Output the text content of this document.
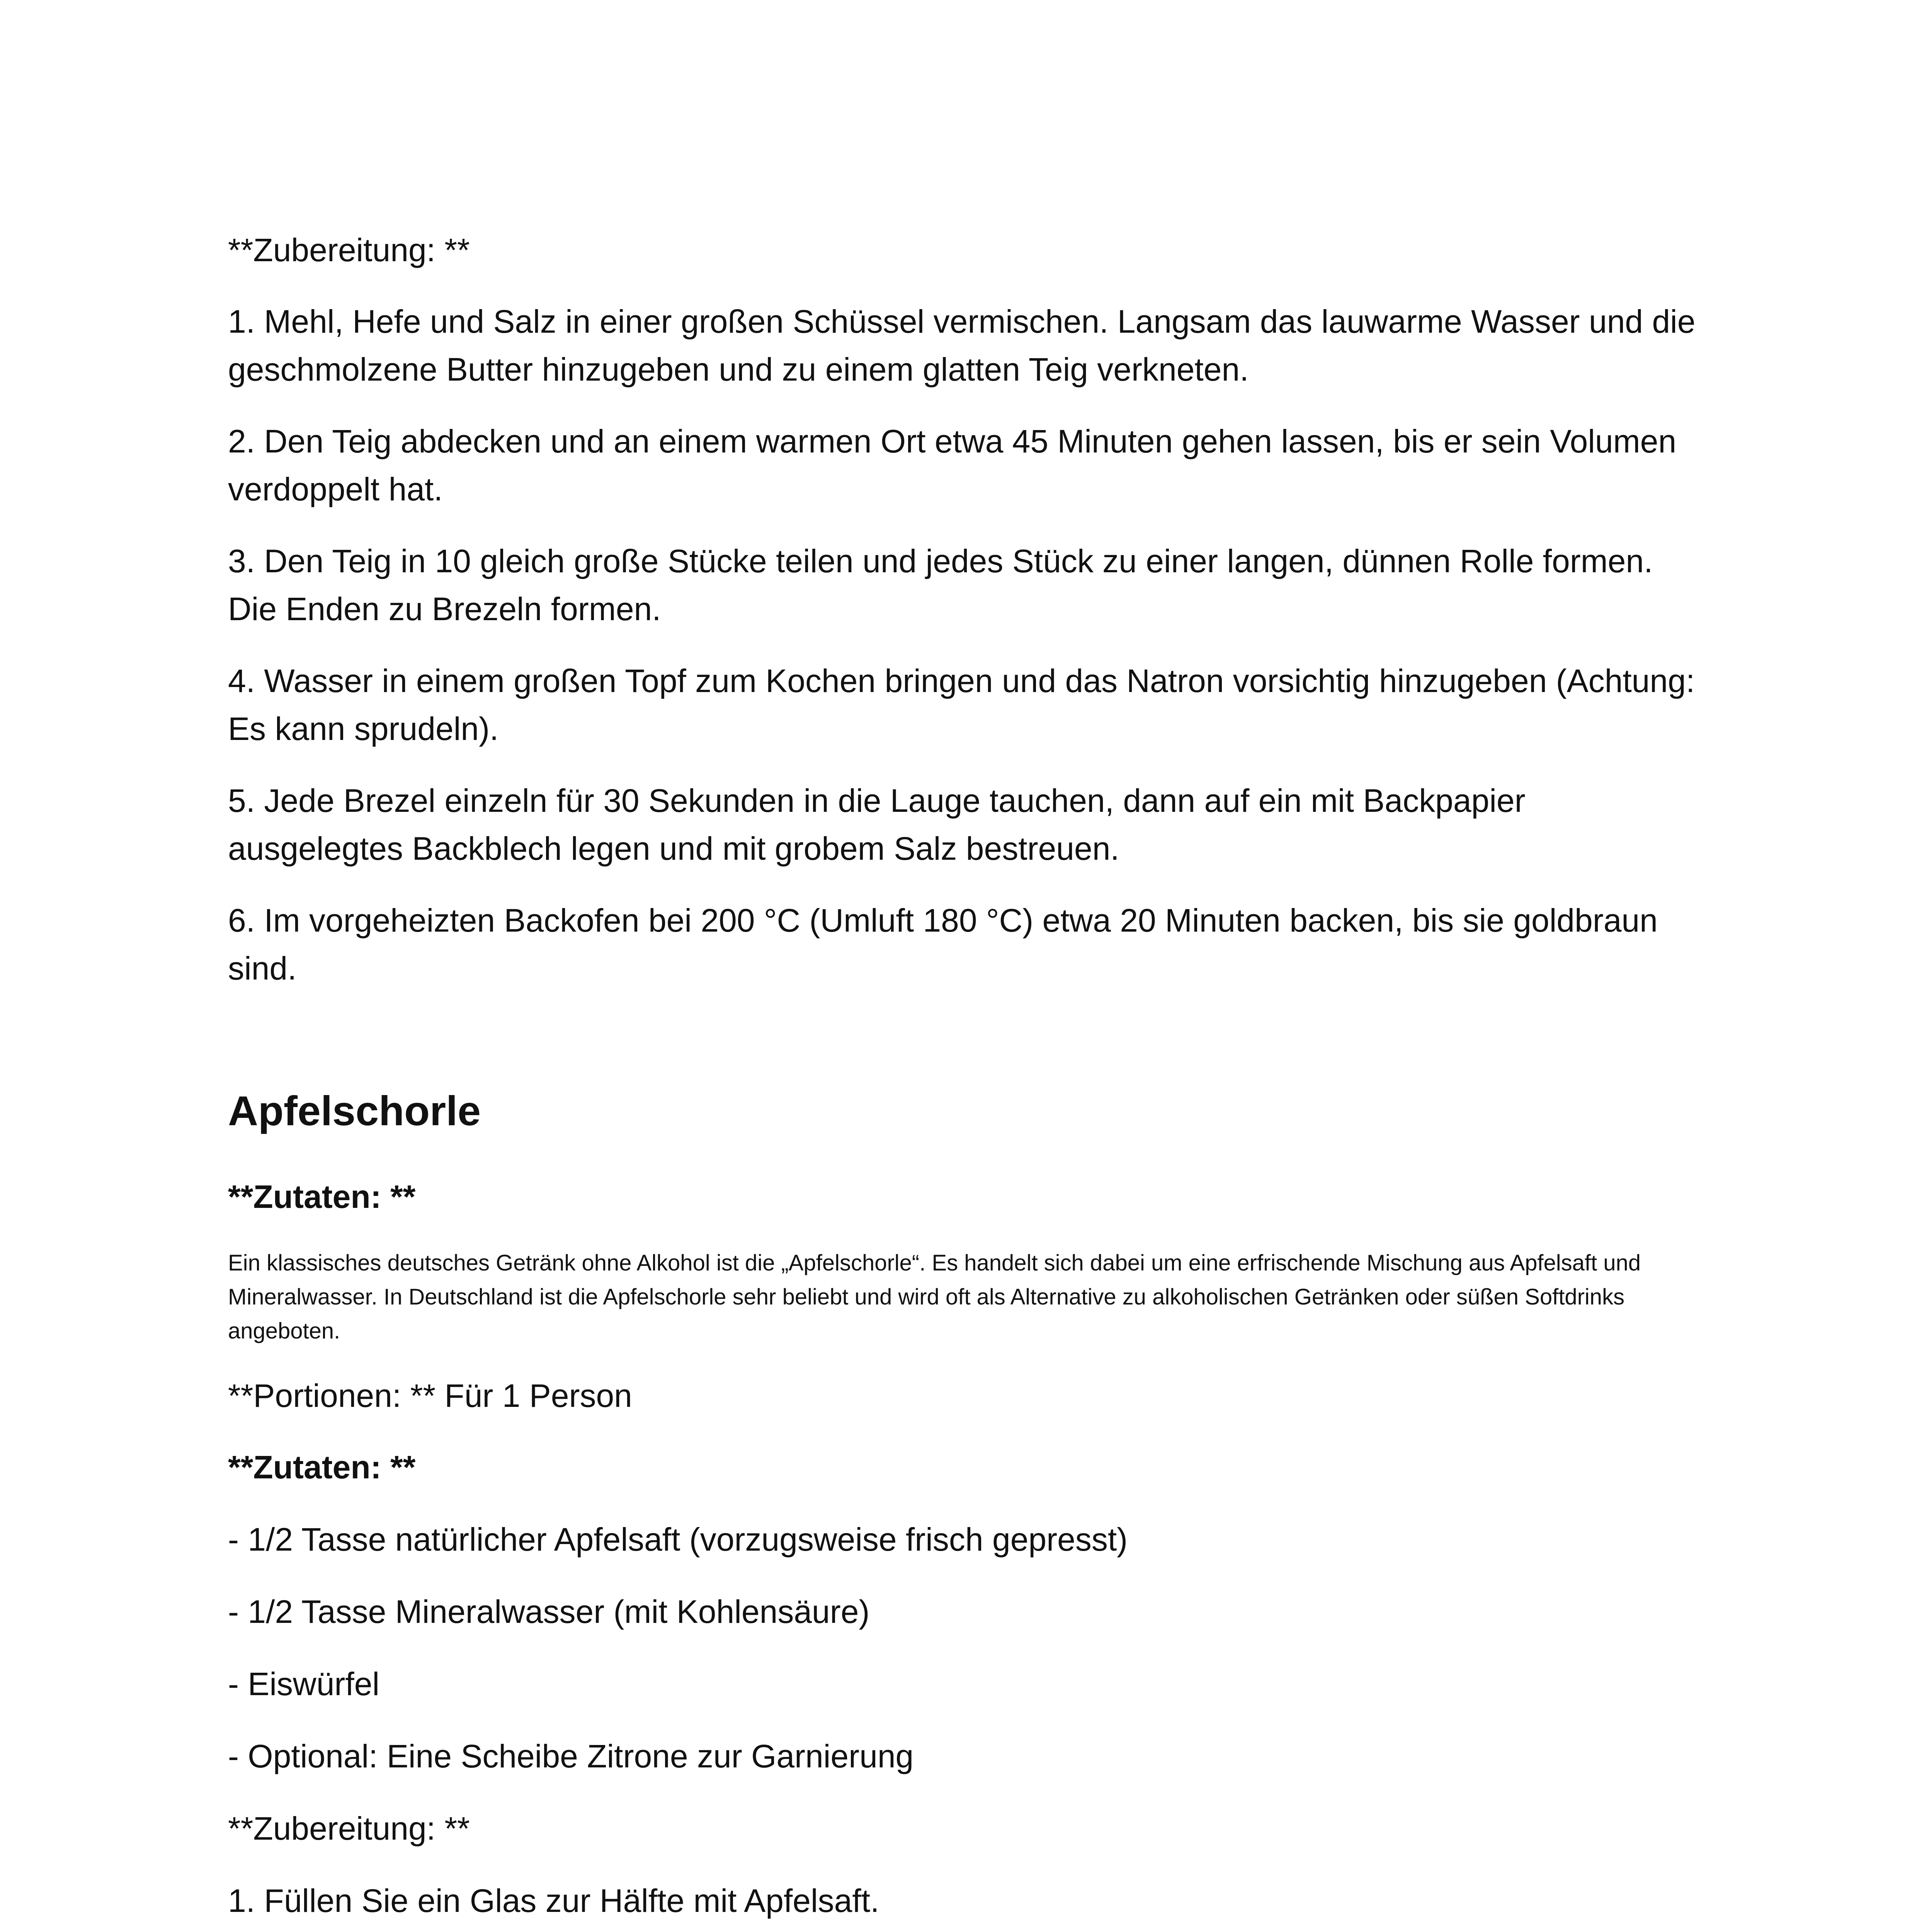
**Zubereitung: **

1. Mehl, Hefe und Salz in einer großen Schüssel vermischen. Langsam das lauwarme Wasser und die geschmolzene Butter hinzugeben und zu einem glatten Teig verkneten.

2. Den Teig abdecken und an einem warmen Ort etwa 45 Minuten gehen lassen, bis er sein Volumen verdoppelt hat.

3. Den Teig in 10 gleich große Stücke teilen und jedes Stück zu einer langen, dünnen Rolle formen. Die Enden zu Brezeln formen.

4. Wasser in einem großen Topf zum Kochen bringen und das Natron vorsichtig hinzugeben (Achtung: Es kann sprudeln).

5. Jede Brezel einzeln für 30 Sekunden in die Lauge tauchen, dann auf ein mit Backpapier ausgelegtes Backblech legen und mit grobem Salz bestreuen.

6. Im vorgeheizten Backofen bei 200 °C (Umluft 180 °C) etwa 20 Minuten backen, bis sie goldbraun sind.

Apfelschorle

**Zutaten: **

Ein klassisches deutsches Getränk ohne Alkohol ist die „Apfelschorle“. Es handelt sich dabei um eine erfrischende Mischung aus Apfelsaft und Mineralwasser. In Deutschland ist die Apfelschorle sehr beliebt und wird oft als Alternative zu alkoholischen Getränken oder süßen Softdrinks angeboten.

**Portionen: ** Für 1 Person

**Zutaten: **

- 1/2 Tasse natürlicher Apfelsaft (vorzugsweise frisch gepresst)

- 1/2 Tasse Mineralwasser (mit Kohlensäure)

- Eiswürfel

- Optional: Eine Scheibe Zitrone zur Garnierung

**Zubereitung: **

1. Füllen Sie ein Glas zur Hälfte mit Apfelsaft.
